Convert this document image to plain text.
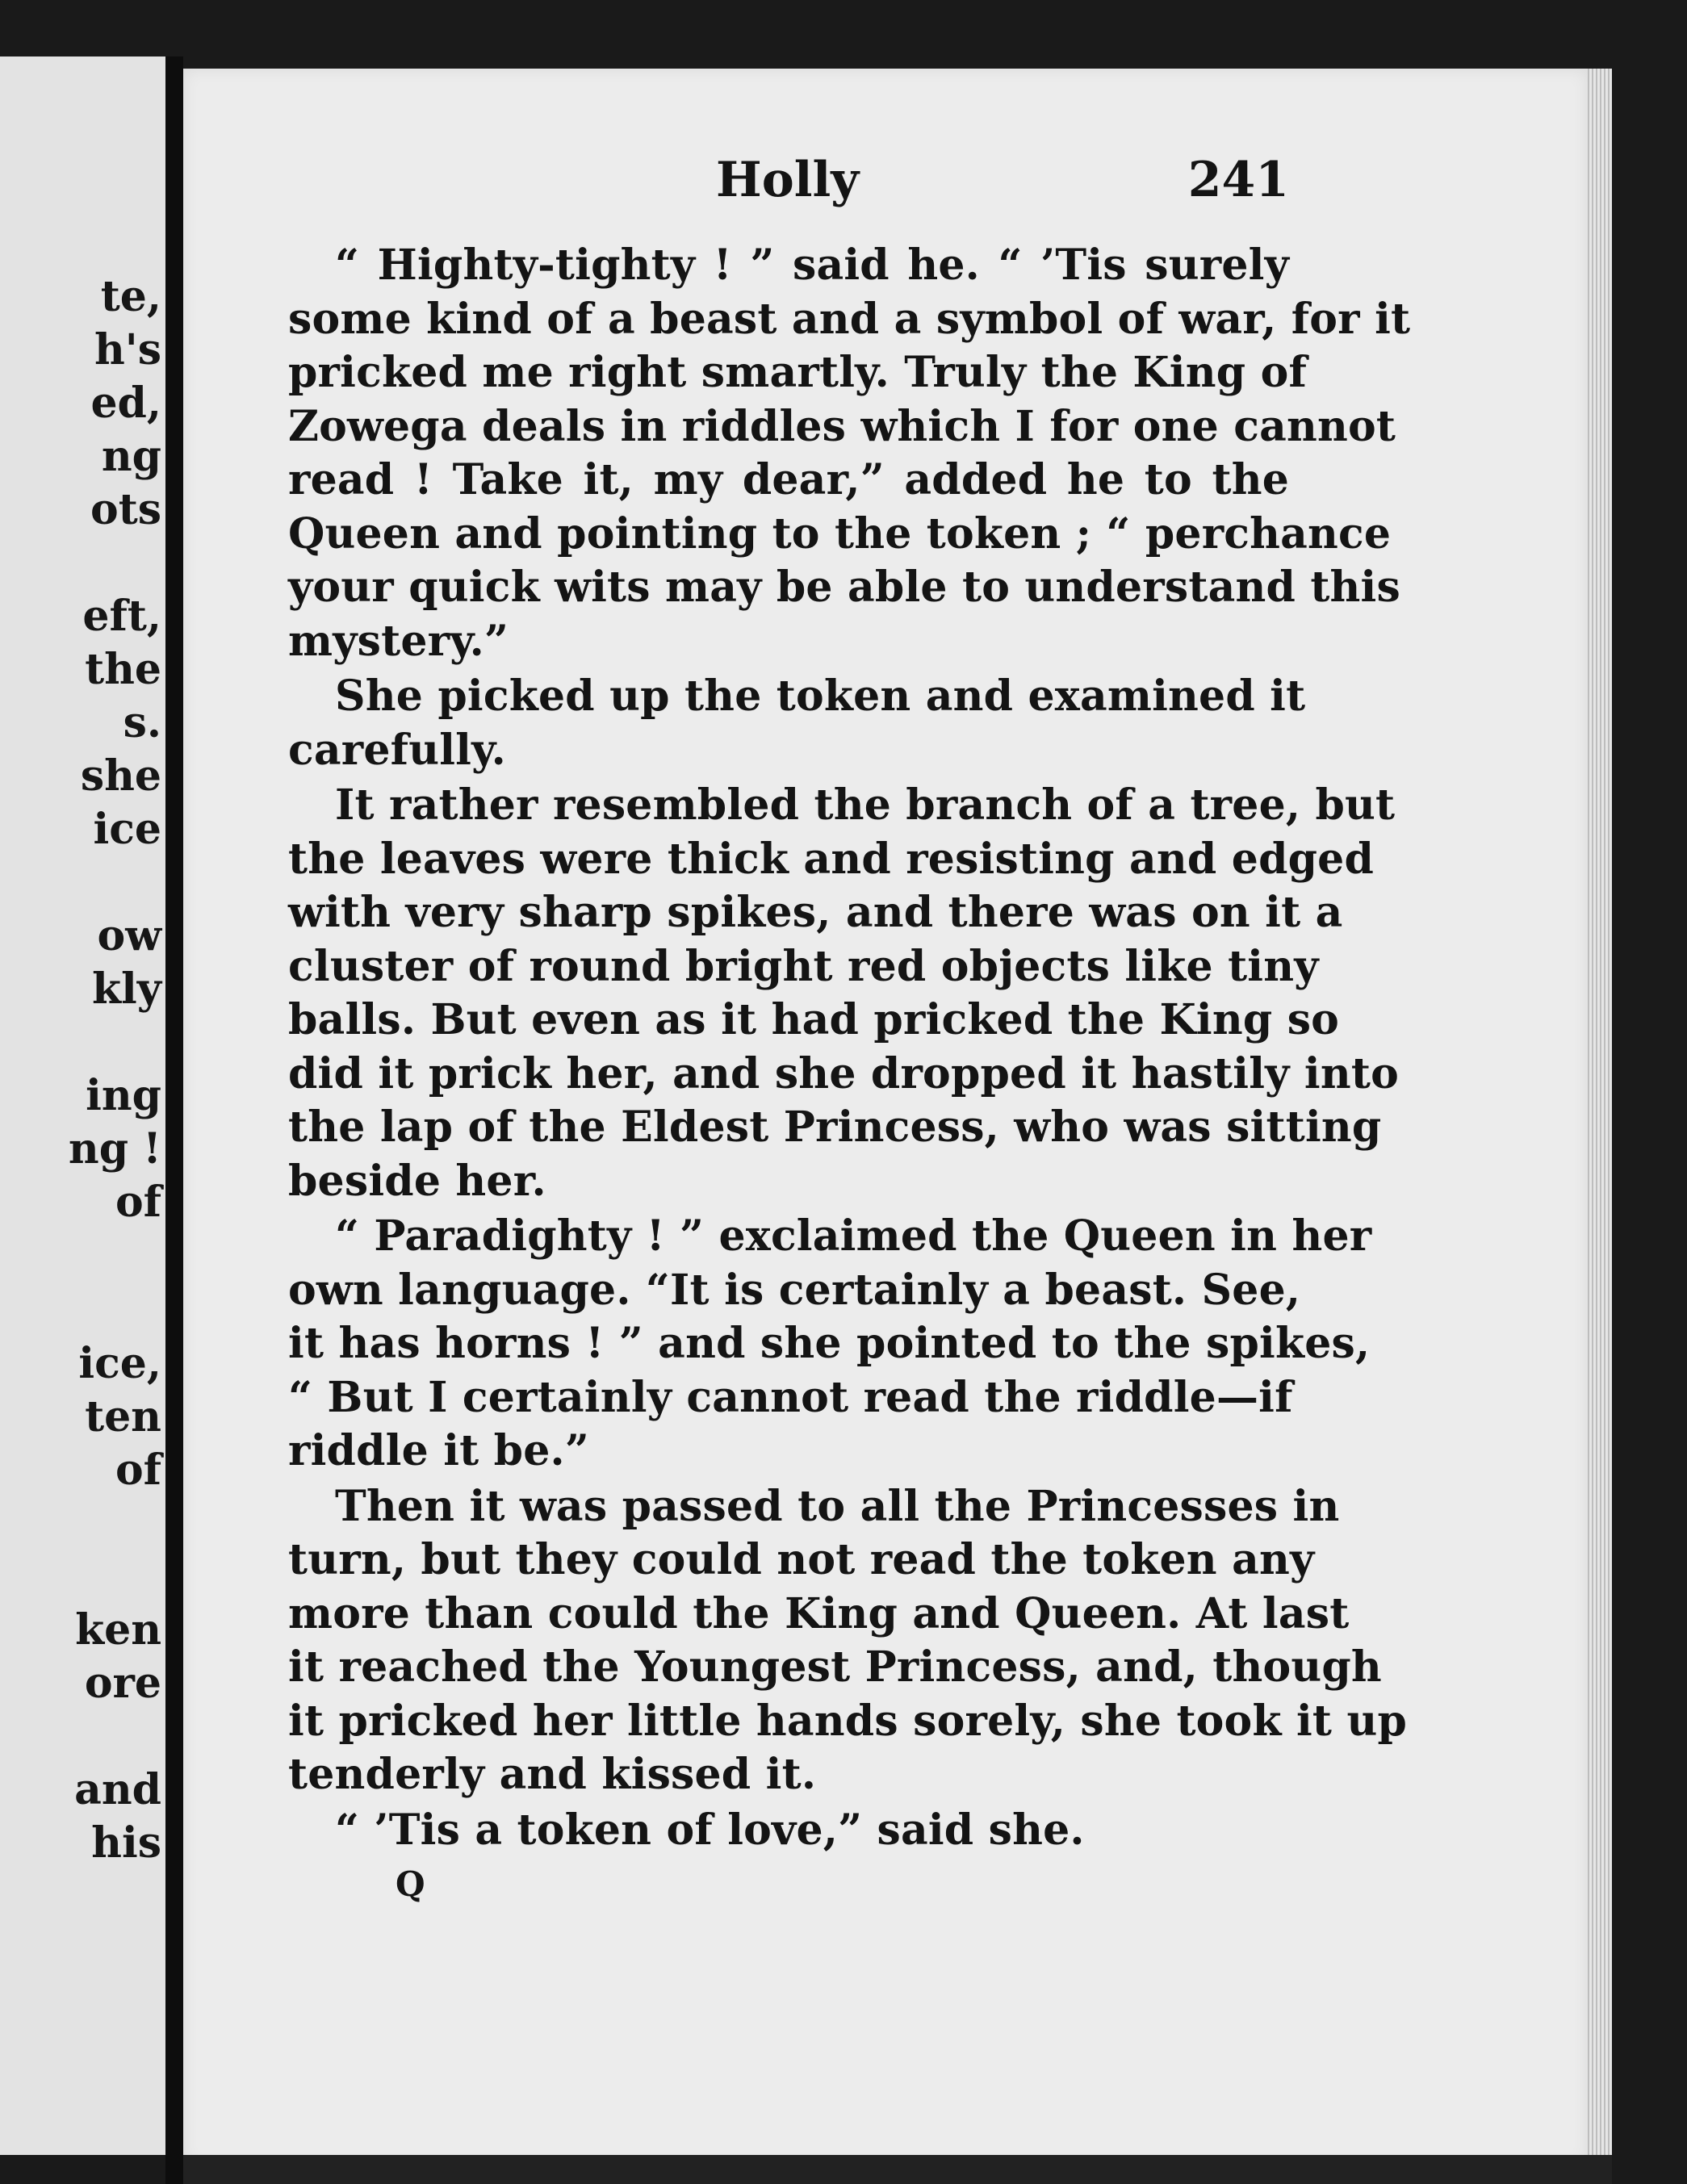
te,
h's
ed,
ng
ots
eft,
the
s.
she
ice
ow
kly
ing
ng !
of
ice,
ten
of
ken
ore
and
his
Holly	241
“ Highty-tighty ! ” said he. “ ’Tis surely
some kind of a beast and a symbol of war, for it
pricked me right smartly. Truly the King of
Zowega deals in riddles which I for one cannot
read ! Take it, my dear,” added he to the
Queen and pointing to the token ; “ perchance
your quick wits may be able to understand this
mystery.”
She picked up the token and examined it
carefully.
It rather resembled the branch of a tree, but
the leaves were thick and resisting and edged
with very sharp spikes, and there was on it a
cluster of round bright red objects like tiny
balls. But even as it had pricked the King so
did it prick her, and she dropped it hastily into
the lap of the Eldest Princess, who was sitting
beside her.
“ Paradighty ! ” exclaimed the Queen in her
own language. “It is certainly a beast. See,
it has horns ! ” and she pointed to the spikes,
“ But I certainly cannot read the riddle—if
riddle it be.”
Then it was passed to all the Princesses in
turn, but they could not read the token any
more than could the King and Queen. At last
it reached the Youngest Princess, and, though
it pricked her little hands sorely, she took it up
tenderly and kissed it.
“ ’Tis a token of love,” said she.
Q
